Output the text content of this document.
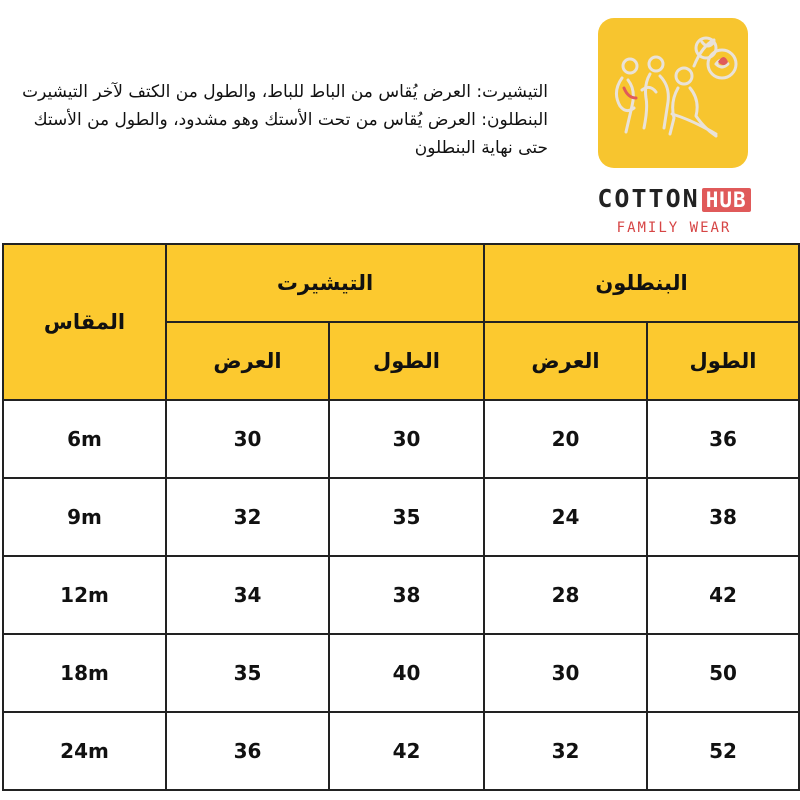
التيشيرت: العرض يُقاس من الباط للباط، والطول من الكتف لآخر التيشيرت

البنطلون: العرض يُقاس من تحت الأستك وهو مشدود، والطول من الأستك حتى نهاية البنطلون

COTTON HUB
FAMILY WEAR
المقاس	التيشيرت		البنطلون	
	العرض	الطول	العرض	الطول
6m	30	30	20	36
9m	32	35	24	38
12m	34	38	28	42
18m	35	40	30	50
24m	36	42	32	52
